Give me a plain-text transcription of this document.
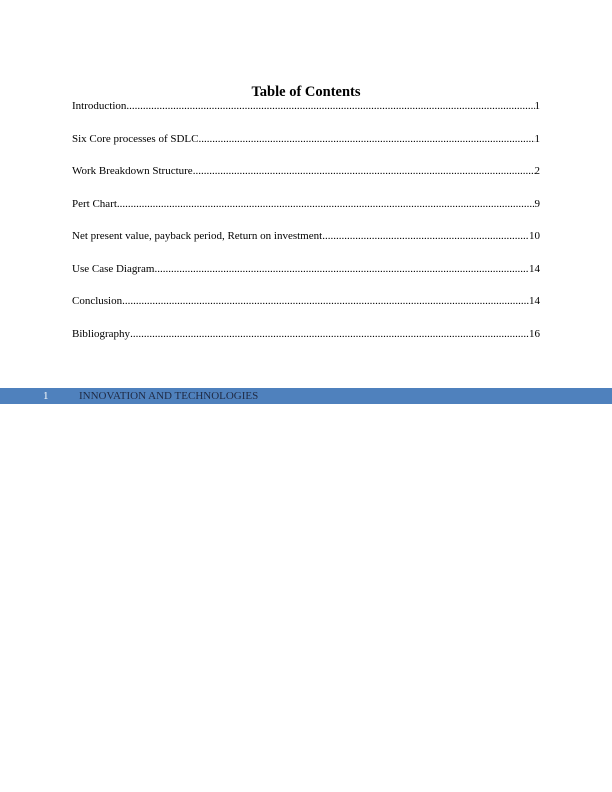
Table of Contents
Introduction .....	1
Six Core processes of SDLC .....	1
Work Breakdown Structure .....	2
Pert Chart .....	9
Net present value, payback period, Return on investment .....	10
Use Case Diagram .....	14
Conclusion .....	14
Bibliography .....	16
1	INNOVATION AND TECHNOLOGIES
